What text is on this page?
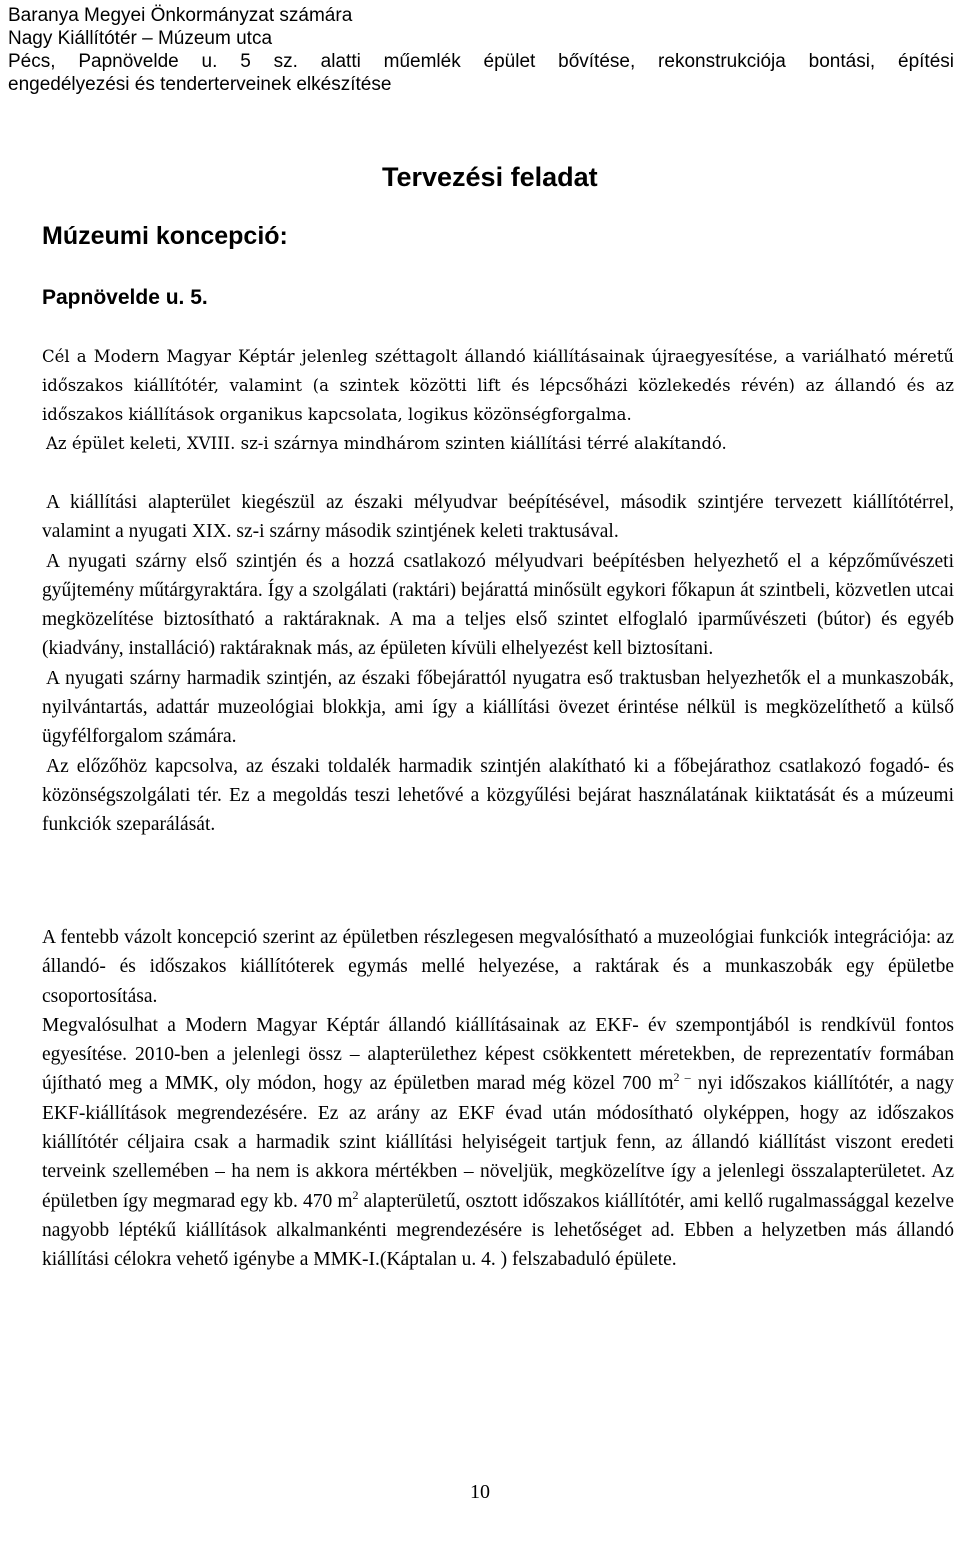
Baranya Megyei Önkormányzat számára
Nagy Kiállítótér – Múzeum utca
Pécs, Papnövelde u. 5 sz. alatti műemlék épület bővítése, rekonstrukciója bontási, építési
engedélyezési és tenderterveinek elkészítése
Tervezési feladat
Múzeumi koncepció:
Papnövelde u. 5.

Cél a Modern Magyar Képtár jelenleg széttagolt állandó kiállításainak újraegyesítése, a variálható méretű időszakos kiállítótér, valamint (a szintek közötti lift és lépcsőházi közlekedés révén) az állandó és az időszakos kiállítások organikus kapcsolata, logikus közönségforgalma.

Az épület keleti, XVIII. sz-i szárnya mindhárom szinten kiállítási térré alakítandó.

A kiállítási alapterület kiegészül az északi mélyudvar beépítésével, második szintjére tervezett kiállítótérrel, valamint a nyugati XIX. sz-i szárny második szintjének keleti traktusával.

A nyugati szárny első szintjén és a hozzá csatlakozó mélyudvari beépítésben helyezhető el a képzőművészeti gyűjtemény műtárgyraktára. Így a szolgálati (raktári) bejárattá minősült egykori főkapun át szintbeli, közvetlen utcai megközelítése biztosítható a raktáraknak. A ma a teljes első szintet elfoglaló iparművészeti (bútor) és egyéb (kiadvány, installáció) raktáraknak más, az épületen kívüli elhelyezést kell biztosítani.

A nyugati szárny harmadik szintjén, az északi főbejárattól nyugatra eső traktusban helyezhetők el a munkaszobák, nyilvántartás, adattár muzeológiai blokkja, ami így a kiállítási övezet érintése nélkül is megközelíthető a külső ügyfélforgalom számára.

Az előzőhöz kapcsolva, az északi toldalék harmadik szintjén alakítható ki a főbejárathoz csatlakozó fogadó- és közönségszolgálati tér. Ez a megoldás teszi lehetővé a közgyűlési bejárat használatának kiiktatását és a múzeumi funkciók szeparálását.

A fentebb vázolt koncepció szerint az épületben részlegesen megvalósítható a muzeológiai funkciók integrációja: az állandó- és időszakos kiállítóterek egymás mellé helyezése, a raktárak és a munkaszobák egy épületbe csoportosítása.

Megvalósulhat a Modern Magyar Képtár állandó kiállításainak az EKF- év szempontjából is rendkívül fontos egyesítése. 2010-ben a jelenlegi össz – alapterülethez képest csökkentett méretekben, de reprezentatív formában újítható meg a MMK, oly módon, hogy az épületben marad még közel 700 $m^{2 -}$ nyi időszakos kiállítótér, a nagy EKF-kiállítások megrendezésére. Ez az arány az EKF évad után módosítható olyképpen, hogy az időszakos kiállítótér céljaira csak a harmadik szint kiállítási helyiségeit tartjuk fenn, az állandó kiállítást viszont eredeti terveink szellemében – ha nem is akkora mértékben – növeljük, megközelítve így a jelenlegi összalapterületet. Az épületben így megmarad egy kb. 470 $m^2$ alapterületű, osztott időszakos kiállítótér, ami kellő rugalmassággal kezelve nagyobb léptékű kiállítások alkalmankénti megrendezésére is lehetőséget ad. Ebben a helyzetben más állandó kiállítási célokra vehető igénybe a MMK-I.(Káptalan u. 4. ) felszabaduló épülete.

10
